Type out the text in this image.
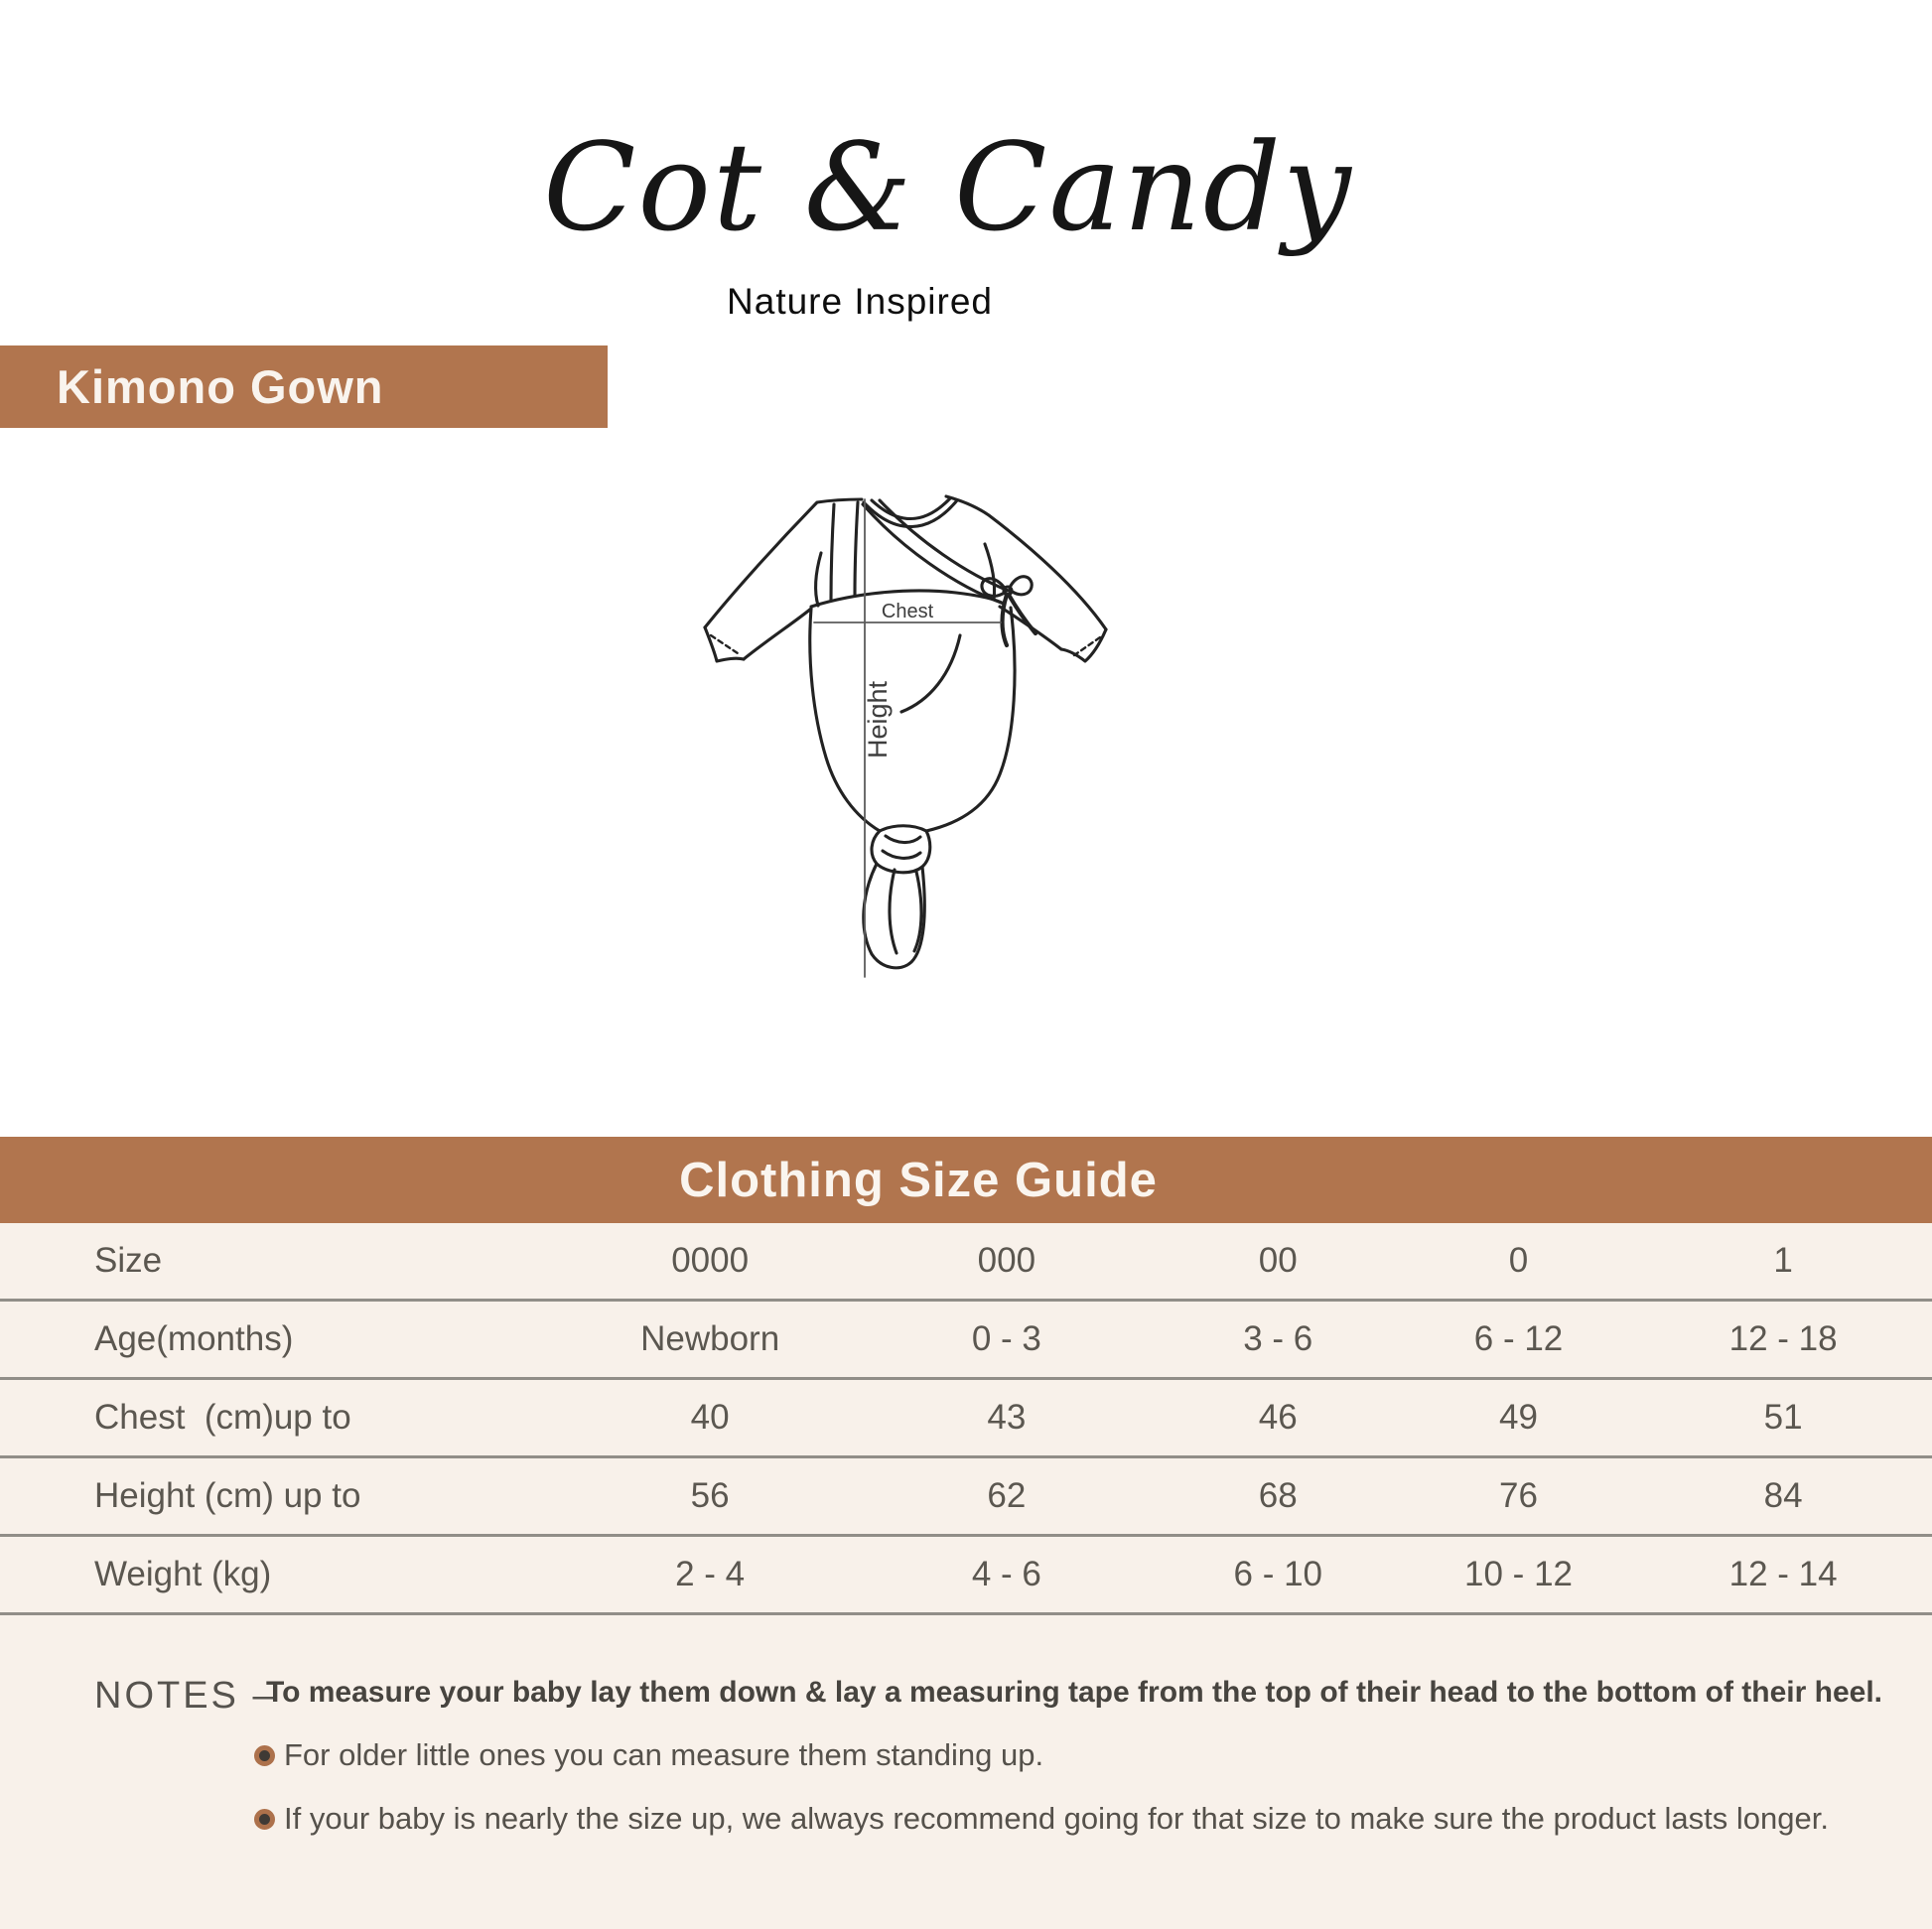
Cot & Candy
Nature Inspired
Kimono Gown
Chest
Height
Clothing Size Guide
Size	0000	000	00	0	1
Age(months)	Newborn	0 - 3	3 - 6	6 - 12	12 - 18
Chest  (cm)up to	40	43	46	49	51
Height (cm) up to	56	62	68	76	84
Weight (kg)	2 - 4	4 - 6	6 - 10	10 - 12	12 - 14
NOTES –

To measure your baby lay them down & lay a measuring tape from the top of their head to the bottom of their heel.

For older little ones you can measure them standing up.
If your baby is nearly the size up, we always recommend going for that size to make sure the product lasts longer.
